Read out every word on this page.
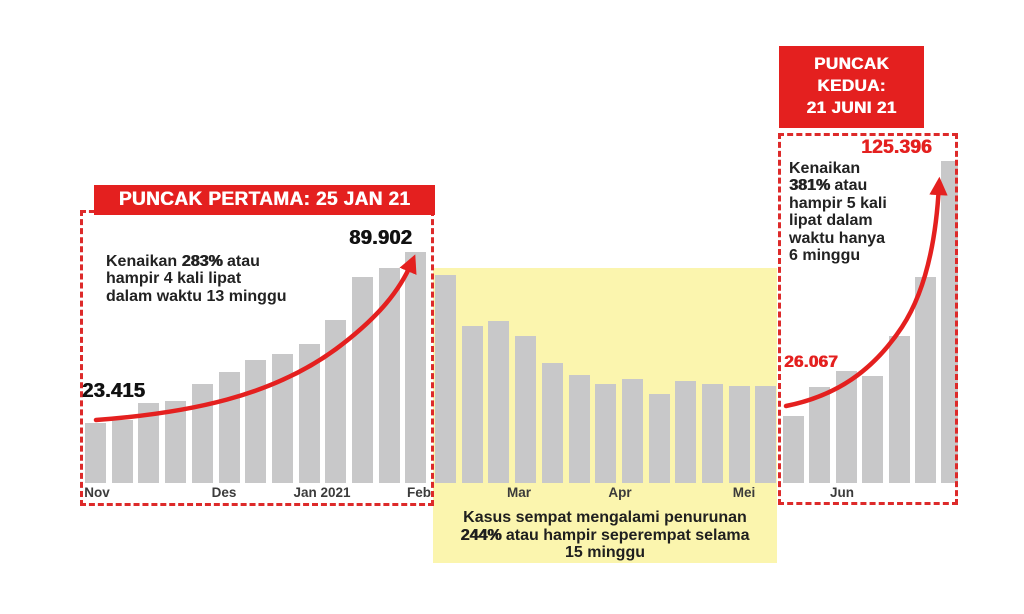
PUNCAK PERTAMA: 25 JAN 21
PUNCAK
KEDUA:
21 JUNI 21
Kenaikan 283% atau
hampir 4 kali lipat
dalam waktu 13 minggu
Kenaikan
381% atau
hampir 5 kali
lipat dalam
waktu hanya
6 minggu
23.415
89.902
26.067
125.396
Nov	Des	Jan 2021	Feb	Mar	Apr	Mei	Jun
Kasus sempat mengalami penurunan
244% atau hampir seperempat selama
15 minggu
